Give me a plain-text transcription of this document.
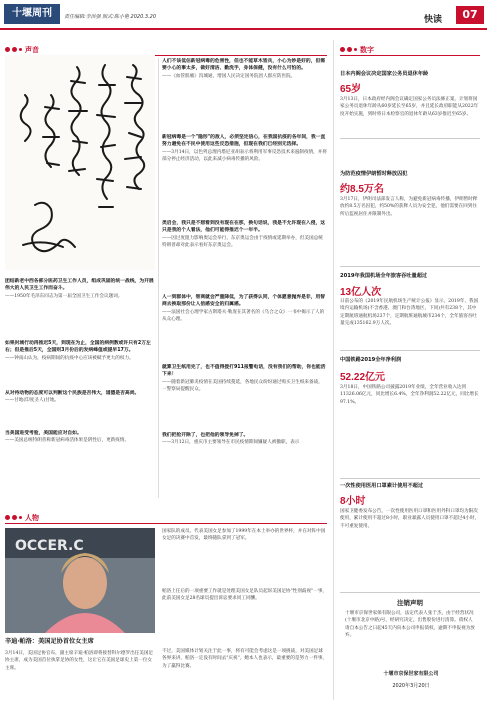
十堰周刊	责任编辑:李洪强 版式:陈小艳 2020.3.20	快读	07
声音

团结新老中西各部分医药卫生工作人员，组成巩固的统一战线，为开展伟大的人民卫生工作而奋斗。

——1950年毛泽东同志为第一届全国卫生工作会议题词。

如果封城行动再推迟5天，到现在为止，全国的病例数或许只有2万左右；但是推后5天，全国则3月份后的发病峰值或提早17万。

——钟南山认为，疫病期间的抗疫中心应该被赋予更大的权力。

从对待动物的态度可以判断这个民族是否伟大，道德是否高尚。

——甘地(印度圣人)甘地。

当美国进受考验，美国能应对自如。

——美国总统特朗普称新冠病毒活体果是阴性后，更新疫情。

人们不该低估新冠病毒的危害性，但也不能草木皆兵，小心为妙是好的，但需要小心的事太多，做好清洁、勤洗手，身体保健，没有什么可怕的。

——《血管肌瘤》沟城通，增国人民决定国务院团人群应防医院。

新冠病毒是一个"隐形"的敌人，必须坚定信心，在我国抗疫的各年间，我一直努力避免在不民中使用这些反恐措施，但现在我们已经别无选择。

——3月14日，以色列总理内塔尼亚胡表示将利用军事反恐技术来遏制疫情，并将部分停止经济活动，以此来减小病毒传播的风险。

类启会，我只是不想看到没有现在在那，换句话说，我是不允许现在入侵，这只是我的个人看法，他们可能得推迟个一年半。

——因过度阻力影响奥运会举行，东京奥运会由于疫情或延期举办，但美国总统特朗普却对此表示看好东京奥运会。

人一到群体中，智商就会严重降低，为了获得认同，个体愿意抛弃是非，用智商去换取那份让人倍感安全的归属感。

——法国社会心理学家古斯塔夫·勒庞在其著名的《乌合之众》一书中揭示了人的从众心理。

就算卫生纸用完了，也不值得拨打911报警电话，没有我们的帮助，你也能活下来！

——随着新冠肺炎疫情在美国持续蔓延，各地民众纷纷通过购买卫生纸来备战，一警察局提醒民众。

我们把抢开除了，也把他的领导免掉了。

——3月12日，重庆市主要领导在市民疫情期间嫌疑人被撤职，表示

人物
OCCER.C

辛迪·帕洛：美国足协首位女主席

3月14日，美国足协官布，副主席辛迪·帕洛即将接替科尔德罗出任美国足协主席，成为美国首位执掌足协的女性，这让它在美国足球史上第一位女主席。

国家队的成员。代表美国女足参加了1999年在本土举办的世界杯，并在对阵中国女足的决赛中首发，最终随队拿到了冠军。

帕洛上任后的一项重要工作就是处理美国女足队员起诉美国足协"性别歧视"一事，此前美国女足28名球员提出诉讼要求同工同酬。

不过，美国媒体计划关注于此一事，将有可能会考虑这是一项挑战，对美国足球各界来讲，帕洛一定没有时间去"庆祝"，她本人也表示，最重要的是努力一件事，为了赢得比赛。

数字
日本内阁会议决定国家公务员退休年龄
65岁
3月13日，日本政府经内阁会议确定国家公务员法修正案，计划将国家公务员退休年龄从60岁延长至65岁，并且延长政府职能从2022年度开始实施，到时将日本检察官的退休年龄从63岁推迟至65岁。
为防范疫情伊朗暂时释放囚犯
约8.5万名
3月17日，伊朗司法部发言人称，为避免新冠病毒传播，伊朗暂时释放约8.5万名囚犯，约50%的获释人员为安全犯，他们需要在回到住所后监视居住并限制外出。
2019年我国机场全年旅客吞吐量超过
13亿人次
日前公布的《2019年民航机场生产统计公报》显示，2019年，我国境内运输机场(不含香港、澳门和台湾地区，下同)共有238个，其中定期航班通航机场237个，定期航班通航城市234个，全年旅客吞吐量完成135162.9万人次。
中国铁路2019全年净利润
52.22亿元
3月18日，中国铁路公司披露2019年业绩，全年营业收入达到11326.06亿元，同比增长6.4%，全年净利润52.22亿元，同比增长97.1%。
一次性使用医用口罩素计使用不超过
8小时
国家卫健委发布公告，一次性使用医用口罩和医用外科口罩均为限次使用，累计使用不超过8小时，职业暴露人员使用口罩不超过4小时，不可重复使用。
注销声明
十堰市京保世家保有限公司，法定代表人张于杰，由于经营状况(十堰市北京中路)号，经研究决定，出售股份进行清算。债权人请自本公告之日起45天内向本公司申报债权，逾期不申报视为放弃。
十堰市京保世家有限公司
2020年3月20日
